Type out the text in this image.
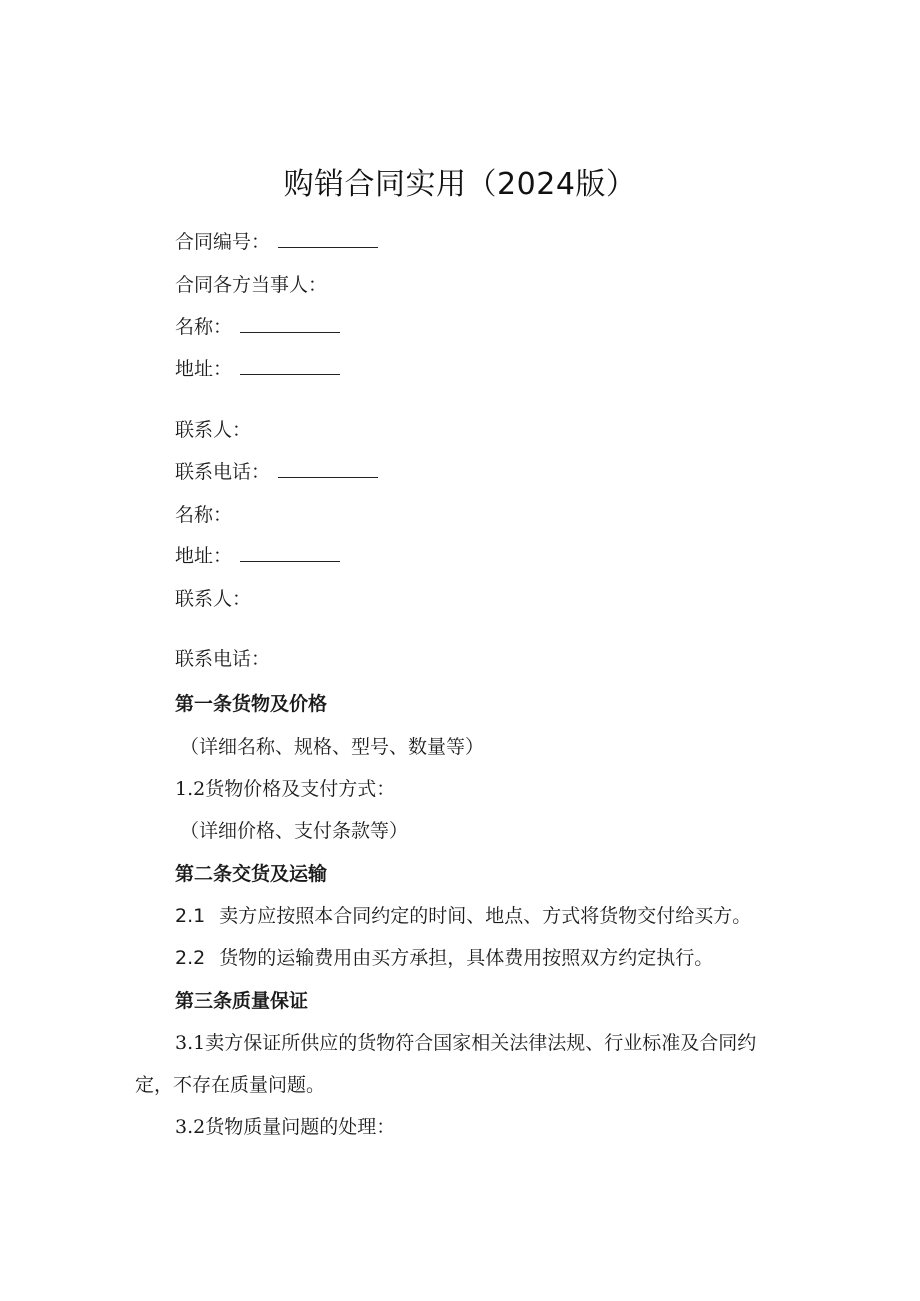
购销合同实用（2024版）
合同编号：
合同各方当事人：
名称：
地址：
联系人：
联系电话：
名称：
地址：
联系人：
联系电话：
第一条货物及价格
（详细名称、规格、型号、数量等）
1.2货物价格及支付方式：
（详细价格、支付条款等）
第二条交货及运输
2.1 卖方应按照本合同约定的时间、地点、方式将货物交付给买方。
2.2 货物的运输费用由买方承担，具体费用按照双方约定执行。
第三条质量保证
3.1卖方保证所供应的货物符合国家相关法律法规、行业标准及合同约定，不存在质量问题。
3.2货物质量问题的处理：
